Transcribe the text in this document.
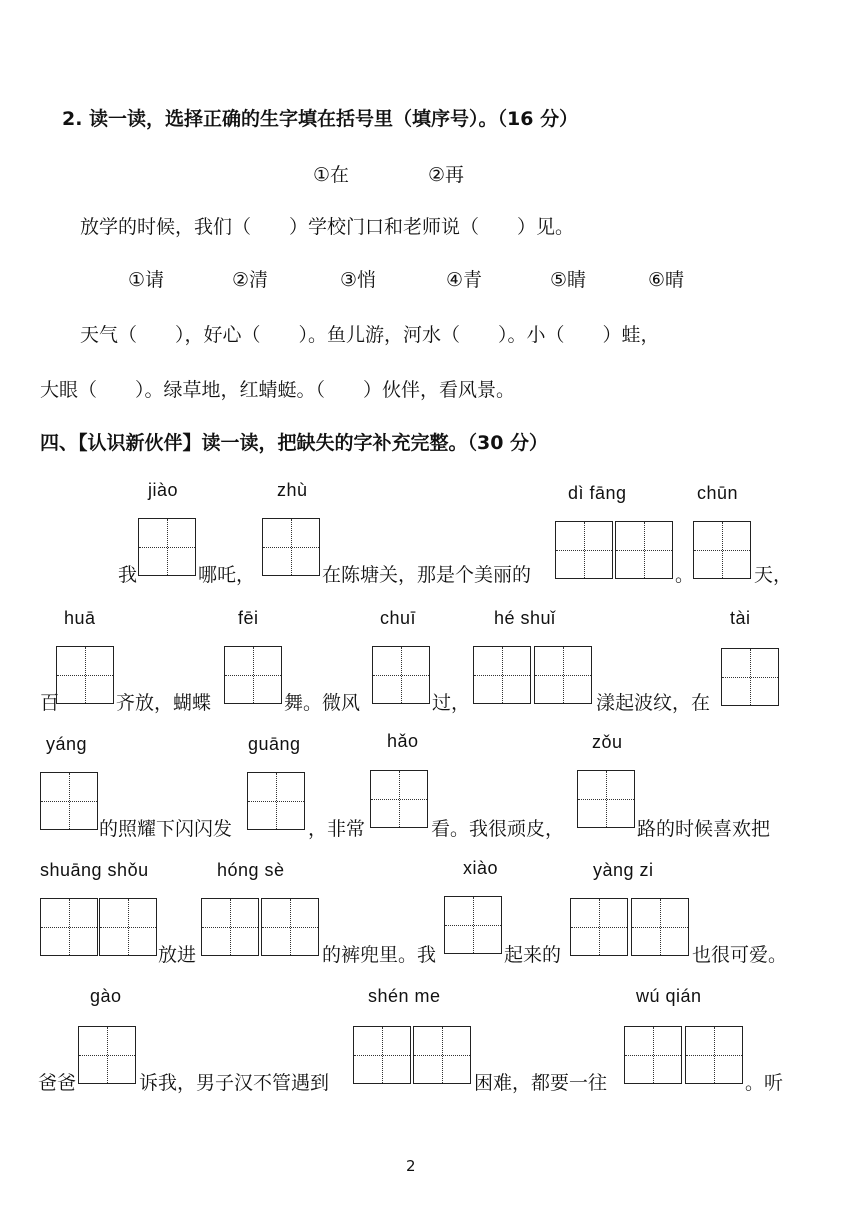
2. 读一读，选择正确的生字填在括号里（填序号）。（16 分）
①在	②再
放学的时候，我们（　　）学校门口和老师说（　　）见。
①请	②清	③悄	④青	⑤睛	⑥晴
天气（　　），好心（　　）。鱼儿游，河水（　　）。小（　　）蛙，
大眼（　　）。绿草地，红蜻蜓。（　　）伙伴，看风景。
四、【认识新伙伴】读一读，把缺失的字补充完整。（30 分）
jiào	zhù	dì fāng	chūn
我	哪吒，	在陈塘关，那是个美丽的	。	天，
huā	fēi	chuī	hé shuǐ	tài
百	齐放，蝴蝶	舞。微风	过，	漾起波纹，在
yáng	guāng	hǎo	zǒu
的照耀下闪闪发	，非常	看。我很顽皮，	路的时候喜欢把
shuāng shǒu	hóng sè	xiào	yàng zi
放进	的裤兜里。我	起来的	也很可爱。
gào	shén me	wú qián
爸爸	诉我，男子汉不管遇到	困难，都要一往	。听
2
